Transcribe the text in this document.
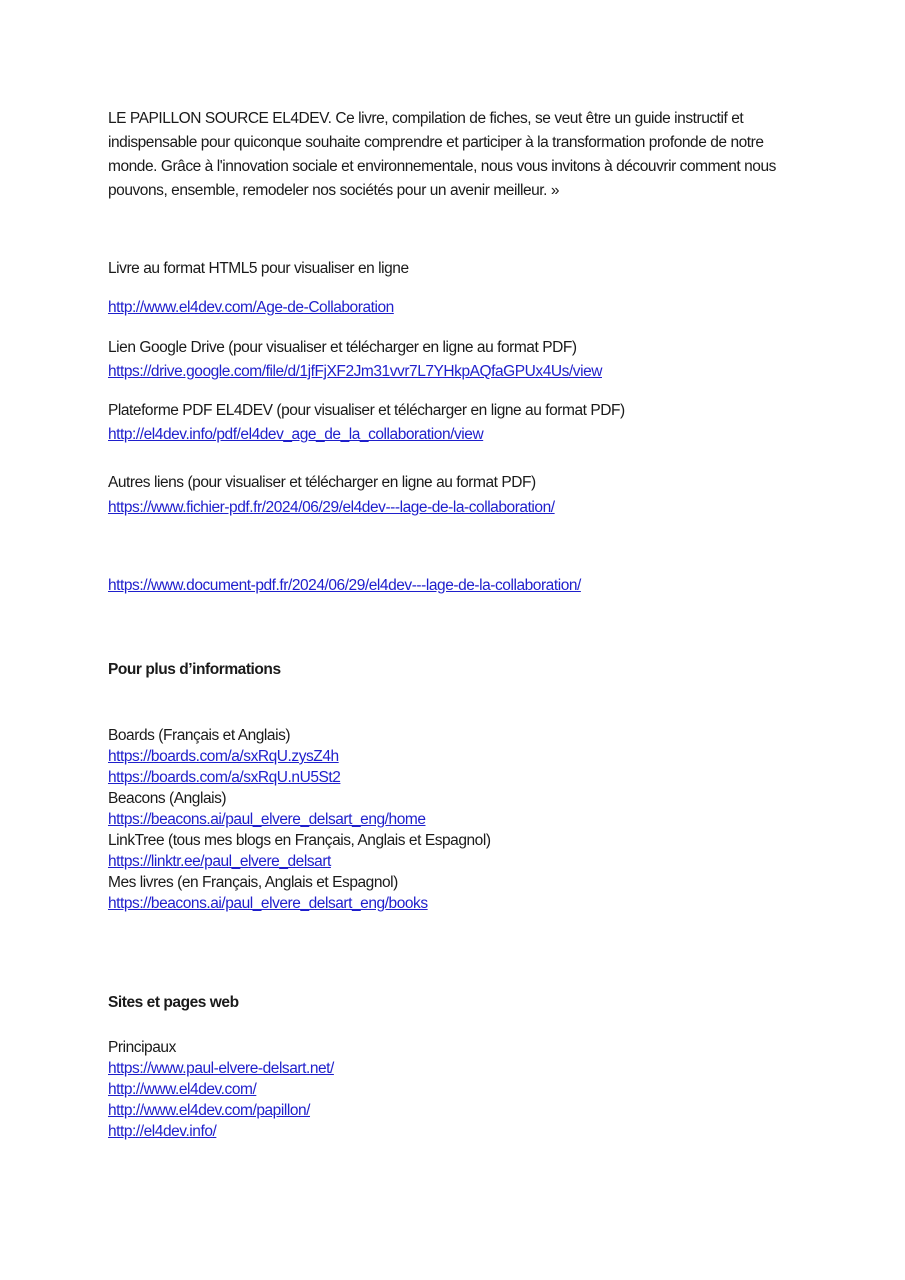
LE PAPILLON SOURCE EL4DEV. Ce livre, compilation de fiches, se veut être un guide instructif et indispensable pour quiconque souhaite comprendre et participer à la transformation profonde de notre monde. Grâce à l'innovation sociale et environnementale, nous vous invitons à découvrir comment nous pouvons, ensemble, remodeler nos sociétés pour un avenir meilleur. »
Livre au format HTML5 pour visualiser en ligne
http://www.el4dev.com/Age-de-Collaboration
Lien Google Drive (pour visualiser et télécharger en ligne au format PDF)
https://drive.google.com/file/d/1jfFjXF2Jm31vvr7L7YHkpAQfaGPUx4Us/view
Plateforme PDF EL4DEV (pour visualiser et télécharger en ligne au format PDF)
http://el4dev.info/pdf/el4dev_age_de_la_collaboration/view
Autres liens (pour visualiser et télécharger en ligne au format PDF)
https://www.fichier-pdf.fr/2024/06/29/el4dev---lage-de-la-collaboration/
https://www.document-pdf.fr/2024/06/29/el4dev---lage-de-la-collaboration/
Pour plus d’informations
Boards (Français et Anglais)
https://boards.com/a/sxRqU.zysZ4h
https://boards.com/a/sxRqU.nU5St2
Beacons (Anglais)
https://beacons.ai/paul_elvere_delsart_eng/home
LinkTree (tous mes blogs en Français, Anglais et Espagnol)
https://linktr.ee/paul_elvere_delsart
Mes livres (en Français, Anglais et Espagnol)
https://beacons.ai/paul_elvere_delsart_eng/books
Sites et pages web
Principaux
https://www.paul-elvere-delsart.net/
http://www.el4dev.com/
http://www.el4dev.com/papillon/
http://el4dev.info/
